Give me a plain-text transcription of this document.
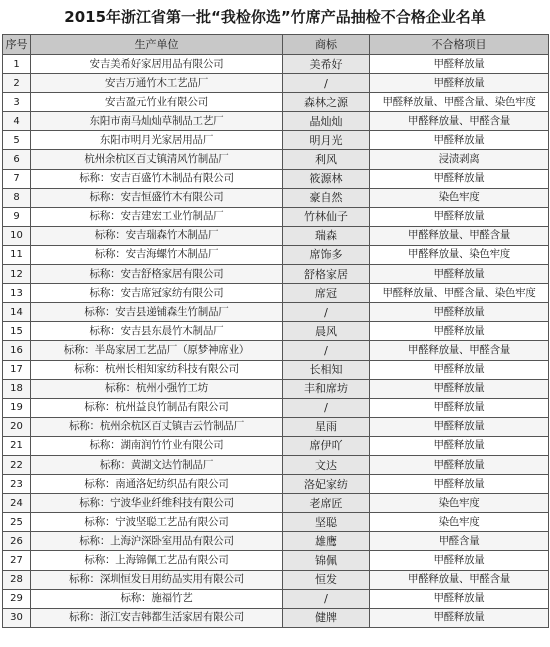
2015年浙江省第一批“我检你选”竹席产品抽检不合格企业名单
序号	生产单位	商标	不合格项目
1	安吉美希好家居用品有限公司	美希好	甲醛释放量
2	安吉万通竹木工艺品厂	/	甲醛释放量
3	安吉盈元竹业有限公司	森林之源	甲醛释放量、甲醛含量、染色牢度
4	东阳市南马灿灿草制品工艺厂	晶灿灿	甲醛释放量、甲醛含量
5	东阳市明月光家居用品厂	明月光	甲醛释放量
6	杭州余杭区百丈镇清风竹制品厂	利风	浸渍剥离
7	标称：安吉百盛竹木制品有限公司	筱源林	甲醛释放量
8	标称：安吉恒盛竹木有限公司	豪自然	染色牢度
9	标称：安吉建宏工业竹制品厂	竹林仙子	甲醛释放量
10	标称：安吉瑞森竹木制品厂	瑞森	甲醛释放量、甲醛含量
11	标称：安吉海螺竹木制品厂	席饰多	甲醛释放量、染色牢度
12	标称：安吉舒格家居有限公司	舒格家居	甲醛释放量
13	标称：安吉席冠家纺有限公司	席冠	甲醛释放量、甲醛含量、染色牢度
14	标称：安吉县递铺森生竹制品厂	/	甲醛释放量
15	标称：安吉县东晨竹木制品厂	晨风	甲醛释放量
16	标称：半岛家居工艺品厂（原梦神席业）	/	甲醛释放量、甲醛含量
17	标称：杭州长相知家纺科技有限公司	长相知	甲醛释放量
18	标称：杭州小强竹工坊	丰和席坊	甲醛释放量
19	标称：杭州益良竹制品有限公司	/	甲醛释放量
20	标称：杭州余杭区百丈镇吉云竹制品厂	星雨	甲醛释放量
21	标称：湖南润竹竹业有限公司	席伊吖	甲醛释放量
22	标称：黄湖文达竹制品厂	文达	甲醛释放量
23	标称：南通洛妃纺织品有限公司	洛妃家纺	甲醛释放量
24	标称：宁波华业纤维科技有限公司	老席匠	染色牢度
25	标称：宁波坚聪工艺品有限公司	坚聪	染色牢度
26	标称：上海沪深卧室用品有限公司	雄鹰	甲醛含量
27	标称：上海锦佩工艺品有限公司	锦佩	甲醛释放量
28	标称：深圳恒发日用纺品实用有限公司	恒发	甲醛释放量、甲醛含量
29	标称：施福竹艺	/	甲醛释放量
30	标称：浙江安吉韩都生活家居有限公司	健牌	甲醛释放量
